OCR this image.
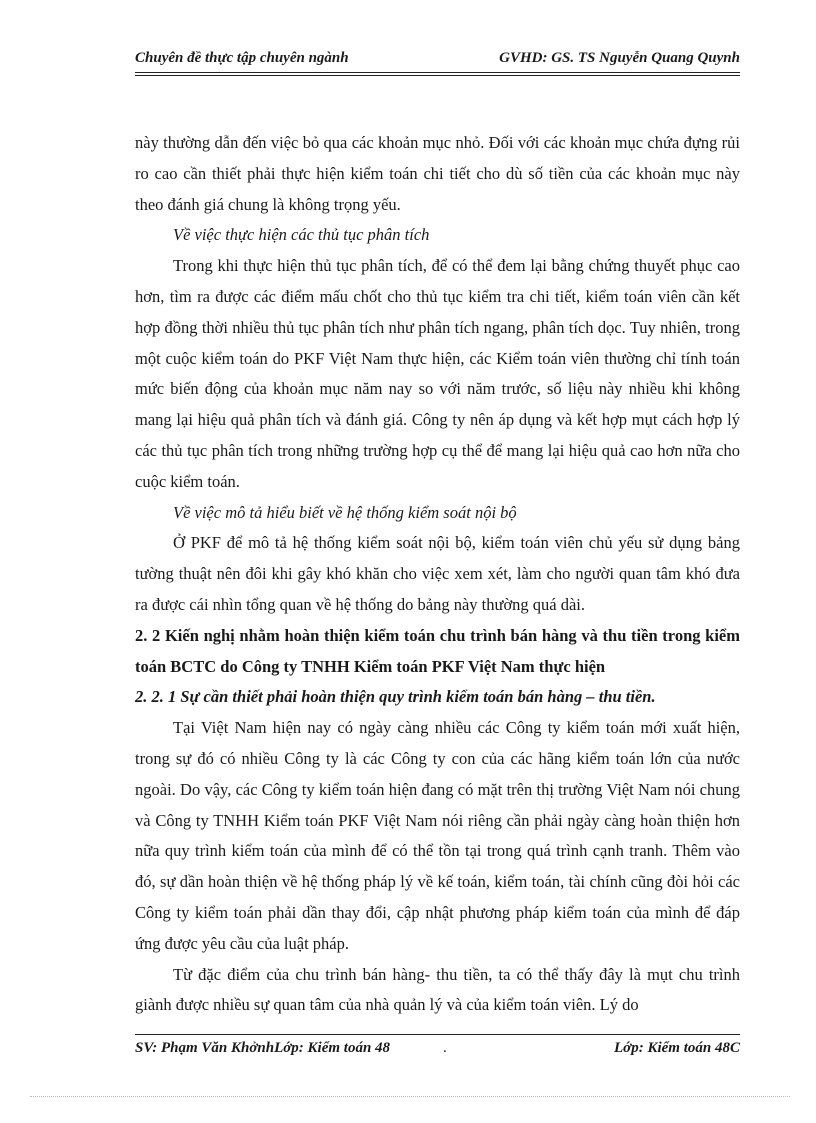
Chuyên đề thực tập chuyên ngành	GVHD: GS. TS Nguyễn Quang Quynh

này thường dẫn đến việc bỏ qua các khoản mục nhỏ. Đối với các khoản mục chứa đựng rủi ro cao cần thiết phải thực hiện kiểm toán chi tiết cho dù số tiền của các khoản mục này theo đánh giá chung là không trọng yếu.

Về việc thực hiện các thủ tục phân tích

Trong khi thực hiện thủ tục phân tích, để có thể đem lại bằng chứng thuyết phục cao hơn, tìm ra được các điểm mấu chốt cho thủ tục kiểm tra chi tiết, kiểm toán viên cần kết hợp đồng thời nhiều thủ tục phân tích như phân tích ngang, phân tích dọc. Tuy nhiên, trong một cuộc kiểm toán do PKF Việt Nam thực hiện, các Kiểm toán viên thường chỉ tính toán mức biến động của khoản mục năm nay so với năm trước, số liệu này nhiều khi không mang lại hiệu quả phân tích và đánh giá. Công ty nên áp dụng và kết hợp mụt cách hợp lý các thủ tục phân tích trong những trường hợp cụ thể để mang lại hiệu quả cao hơn nữa cho cuộc kiểm toán.

Về việc mô tả hiểu biết về hệ thống kiểm soát nội bộ

Ở PKF để mô tả hệ thống kiểm soát nội bộ, kiểm toán viên chủ yếu sử dụng bảng tường thuật nên đôi khi gây khó khăn cho việc xem xét, làm cho người quan tâm khó đưa ra được cái nhìn tổng quan về hệ thống do bảng này thường quá dài.

2. 2 Kiến nghị nhằm hoàn thiện kiểm toán chu trình bán hàng và thu tiền trong kiểm toán BCTC do Công ty TNHH Kiểm toán PKF Việt Nam thực hiện

2. 2. 1 Sự cần thiết phải hoàn thiện quy trình kiểm toán bán hàng – thu tiền.

Tại Việt Nam hiện nay có ngày càng nhiều các Công ty kiểm toán mới xuất hiện, trong sự đó có nhiều Công ty là các Công ty con của các hãng kiểm toán lớn của nước ngoài. Do vậy, các Công ty kiểm toán hiện đang có mặt trên thị trường Việt Nam nói chung và Công ty TNHH Kiểm toán PKF Việt Nam nói riêng cần phải ngày càng hoàn thiện hơn nữa quy trình kiểm toán của mình để có thể tồn tại trong quá trình cạnh tranh. Thêm vào đó, sự dần hoàn thiện về hệ thống pháp lý về kế toán, kiểm toán, tài chính cũng đòi hỏi các Công ty kiểm toán phải dần thay đổi, cập nhật phương pháp kiểm toán của mình để đáp ứng được yêu cầu của luật pháp.

Từ đặc điểm của chu trình bán hàng- thu tiền, ta có thể thấy đây là mụt chu trình giành được nhiều sự quan tâm của nhà quản lý và của kiểm toán viên. Lý do

SV: Phạm Văn KhởnhLớp: Kiểm toán 48	.	Lớp: Kiểm toán 48C
